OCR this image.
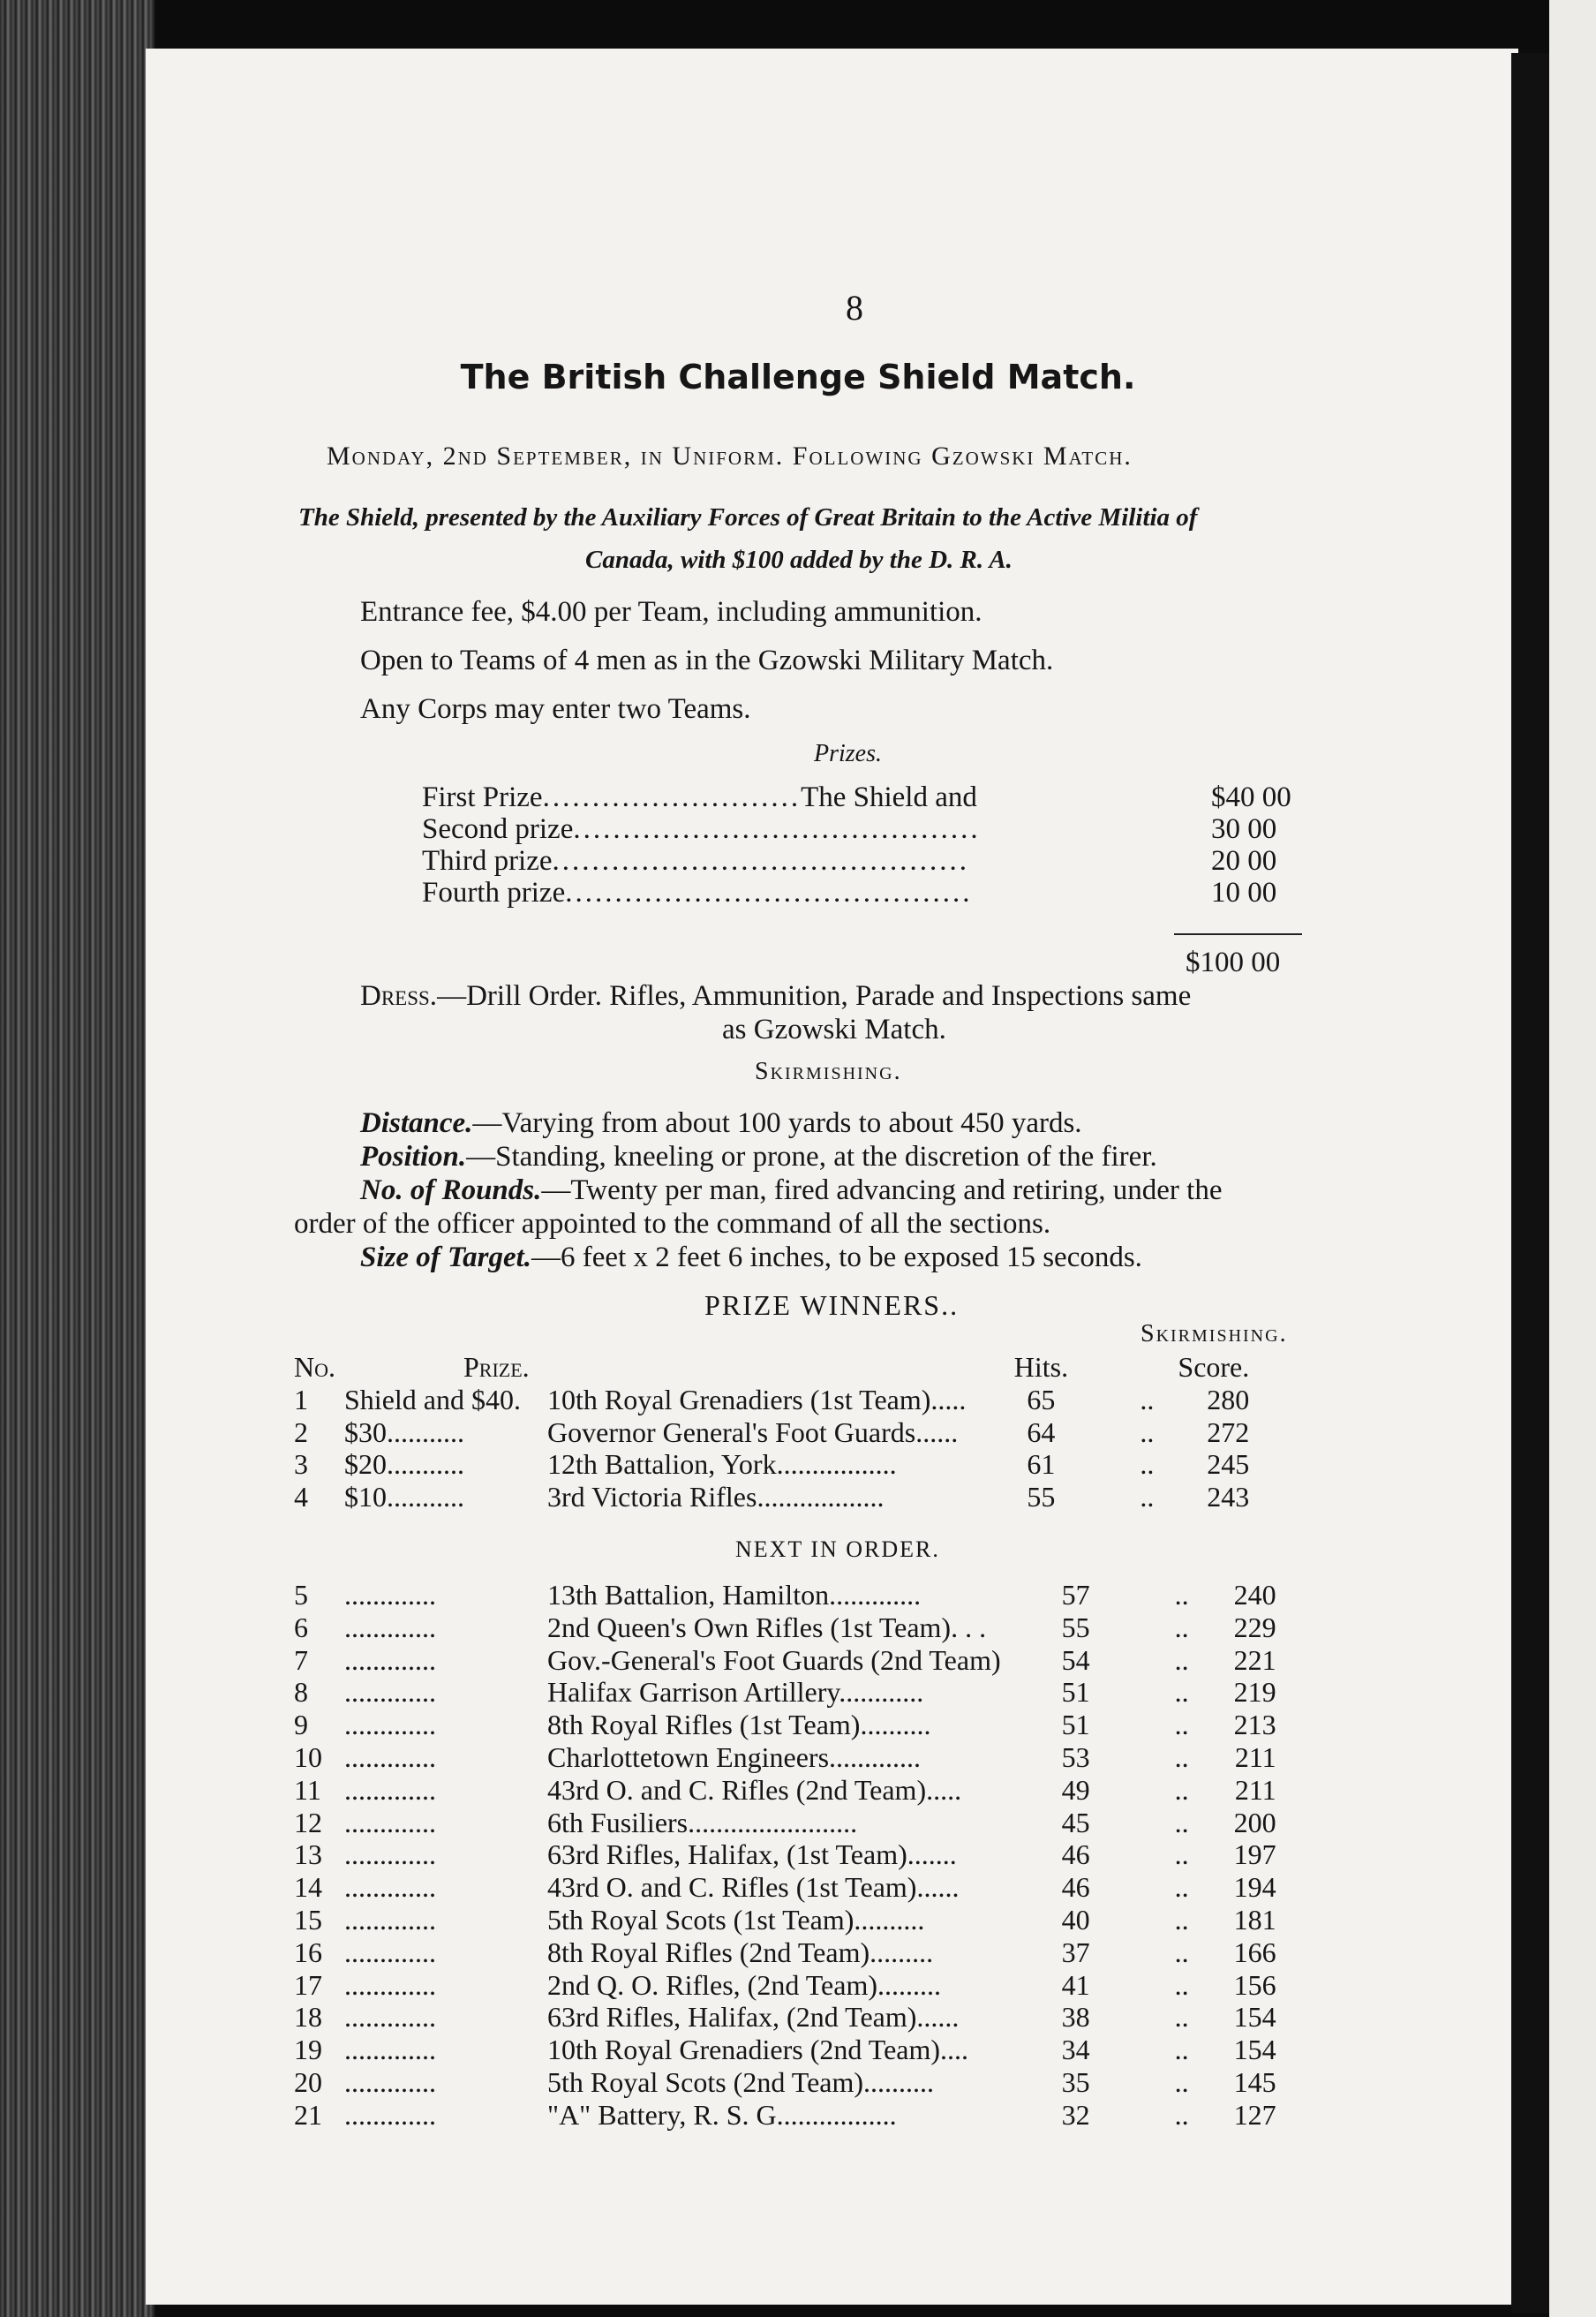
8
The British Challenge Shield Match.
Monday, 2nd September, in Uniform. Following Gzowski Match.
The Shield, presented by the Auxiliary Forces of Great Britain to the Active Militia of
Canada, with $100 added by the D. R. A.
Entrance fee, $4.00 per Team, including ammunition.
Open to Teams of 4 men as in the Gzowski Military Match.
Any Corps may enter two Teams.
Prizes.
First Prize..........................The Shield and	$40 00
Second prize.........................................	30 00
Third prize..........................................	20 00
Fourth prize.........................................	10 00
$100 00
Dress.—Drill Order. Rifles, Ammunition, Parade and Inspections same
as Gzowski Match.
Skirmishing.
Distance.—Varying from about 100 yards to about 450 yards.
Position.—Standing, kneeling or prone, at the discretion of the firer.
No. of Rounds.—Twenty per man, fired advancing and retiring, under the
order of the officer appointed to the command of all the sections.
Size of Target.—6 feet x 2 feet 6 inches, to be exposed 15 seconds.
PRIZE WINNERS..
Skirmishing.
No.	Prize.		Hits.		Score.
1	Shield and $40.	10th Royal Grenadiers (1st Team).....	65	..	280
2	$30...........	Governor General's Foot Guards......	64	..	272
3	$20...........	12th Battalion, York.................	61	..	245
4	$10...........	3rd Victoria Rifles..................	55	..	243
NEXT IN ORDER.
5	.............	13th Battalion, Hamilton.............	57	..	240
6	.............	2nd Queen's Own Rifles (1st Team). . .	55	..	229
7	.............	Gov.-General's Foot Guards (2nd Team)	54	..	221
8	.............	Halifax Garrison Artillery............	51	..	219
9	.............	8th Royal Rifles (1st Team)..........	51	..	213
10	.............	Charlottetown Engineers.............	53	..	211
11	.............	43rd O. and C. Rifles (2nd Team).....	49	..	211
12	.............	6th Fusiliers........................	45	..	200
13	.............	63rd Rifles, Halifax, (1st Team).......	46	..	197
14	.............	43rd O. and C. Rifles (1st Team)......	46	..	194
15	.............	5th Royal Scots (1st Team)..........	40	..	181
16	.............	8th Royal Rifles (2nd Team).........	37	..	166
17	.............	2nd Q. O. Rifles, (2nd Team).........	41	..	156
18	.............	63rd Rifles, Halifax, (2nd Team)......	38	..	154
19	.............	10th Royal Grenadiers (2nd Team)....	34	..	154
20	.............	5th Royal Scots (2nd Team)..........	35	..	145
21	.............	"A" Battery, R. S. G.................	32	..	127
